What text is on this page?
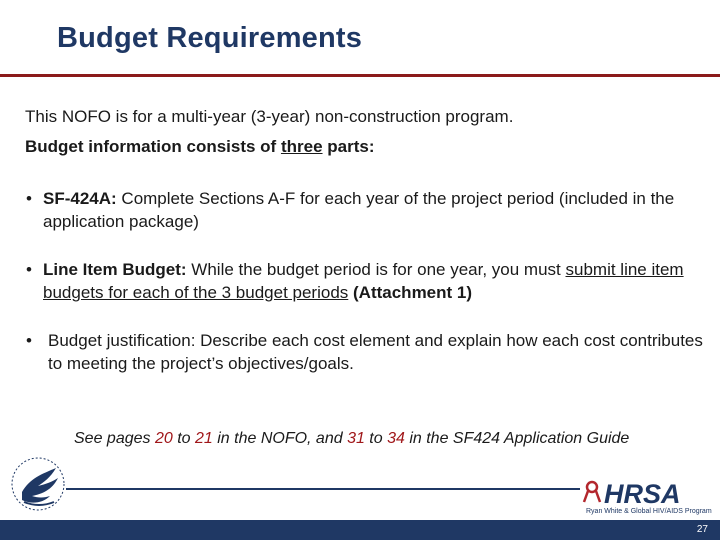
Budget Requirements
This NOFO is for a multi-year (3-year) non-construction program.
Budget information consists of three parts:
• SF-424A: Complete Sections A-F for each year of the project period (included in the application package)
• Line Item Budget: While the budget period is for one year, you must submit line item budgets for each of the 3 budget periods (Attachment 1)
• Budget justification: Describe each cost element and explain how each cost contributes to meeting the project’s objectives/goals.
See pages 20 to 21 in the NOFO, and 31 to 34 in the SF424 Application Guide
HRSA
Ryan White & Global HIV/AIDS Program
27
